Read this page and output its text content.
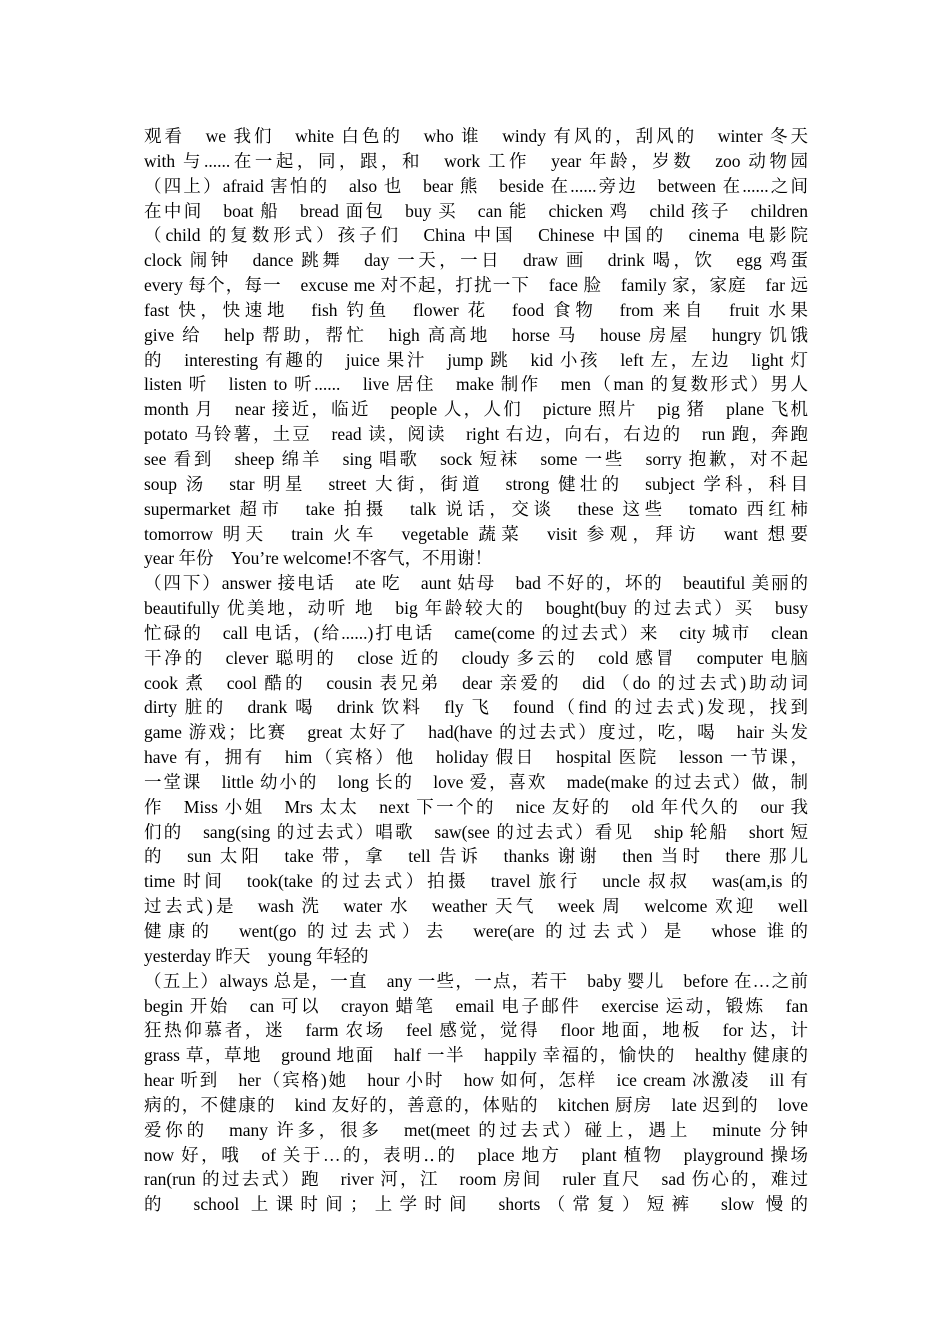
观看　we 我们　white 白色的　who 谁　windy 有风的，刮风的　winter 冬天
with 与......在一起，同，跟，和　work 工作　year 年龄，岁数　zoo 动物园
（四上）afraid 害怕的　also 也　bear 熊　beside 在......旁边　between 在......之间
在中间　boat 船　bread 面包　buy 买　can 能　chicken 鸡　child 孩子　children
（child 的复数形式）孩子们　China 中国　Chinese 中国的　cinema 电影院
clock 闹钟　dance 跳舞　day 一天，一日　draw 画　drink 喝，饮　egg 鸡蛋
every 每个，每一　excuse me 对不起，打扰一下　face 脸　family 家，家庭　far 远
fast 快，快速地　fish 钓鱼　flower 花　food 食物　from 来自　fruit 水果
give 给　help 帮助，帮忙　high 高高地　horse 马　house 房屋　hungry 饥饿
的　interesting 有趣的　juice 果汁　jump 跳　kid 小孩　left 左，左边　light 灯
listen 听　listen to 听......　live 居住　make 制作　men（man 的复数形式）男人
month 月　near 接近，临近　people 人，人们　picture 照片　pig 猪　plane 飞机
potato 马铃薯，土豆　read 读，阅读　right 右边，向右，右边的　run 跑，奔跑
see 看到　sheep 绵羊　sing 唱歌　sock 短袜　some 一些　sorry 抱歉，对不起
soup 汤　star 明星　street 大街，街道　strong 健壮的　subject 学科，科目
supermarket 超市　take 拍摄　talk 说话，交谈　these 这些　tomato 西红柿
tomorrow 明天　train 火车　vegetable 蔬菜　visit 参观，拜访　want 想要
year 年份　You’re welcome!不客气，不用谢！
（四下）answer 接电话　ate 吃　aunt 姑母　bad 不好的，坏的　beautiful 美丽的
beautifully 优美地，动听 地　big 年龄较大的　bought(buy 的过去式）买　busy
忙碌的　call 电话，(给......)打电话　came(come 的过去式）来　city 城市　clean
干净的　clever 聪明的　close 近的　cloudy 多云的　cold 感冒　computer 电脑
cook 煮　cool 酷的　cousin 表兄弟　dear 亲爱的　did （do 的过去式)助动词
dirty 脏的　drank 喝　drink 饮料　fly 飞　found（find 的过去式)发现，找到
game 游戏；比赛　great 太好了　had(have 的过去式）度过，吃，喝　hair 头发
have 有，拥有　him（宾格）他　holiday 假日　hospital 医院　lesson 一节课，
一堂课　little 幼小的　long 长的　love 爱，喜欢　made(make 的过去式）做，制
作　Miss 小姐　Mrs 太太　next 下一个的　nice 友好的　old 年代久的　our 我
们的　sang(sing 的过去式）唱歌　saw(see 的过去式）看见　ship 轮船　short 短
的　sun 太阳　take 带，拿　tell 告诉　thanks 谢谢　then 当时　there 那儿
time 时间　took(take 的过去式）拍摄　travel 旅行　uncle 叔叔　was(am,is 的
过去式)是　wash 洗　water 水　weather 天气　week 周　welcome 欢迎　well
健康的　went(go 的过去式）去　were(are 的过去式）是　whose 谁的
yesterday 昨天　young 年轻的
（五上）always 总是，一直　any 一些，一点，若干　baby 婴儿　before 在…之前
begin 开始　can 可以　crayon 蜡笔　email 电子邮件　exercise 运动，锻炼　fan
狂热仰慕者，迷　farm 农场　feel 感觉，觉得　floor 地面，地板　for 达，计
grass 草，草地　ground 地面　half 一半　happily 幸福的，愉快的　healthy 健康的
hear 听到　her（宾格)她　hour 小时　how 如何，怎样　ice cream 冰激凌　ill 有
病的，不健康的　kind 友好的，善意的，体贴的　kitchen 厨房　late 迟到的　love
爱你的　many 许多，很多　met(meet 的过去式）碰上，遇上　minute 分钟
now 好，哦　of 关于…的，表明‥的　place 地方　plant 植物　playground 操场
ran(run 的过去式）跑　river 河，江　room 房间　ruler 直尺　sad 伤心的，难过
的　school 上课时间；上学时间　shorts（常复）短裤　slow 慢的
